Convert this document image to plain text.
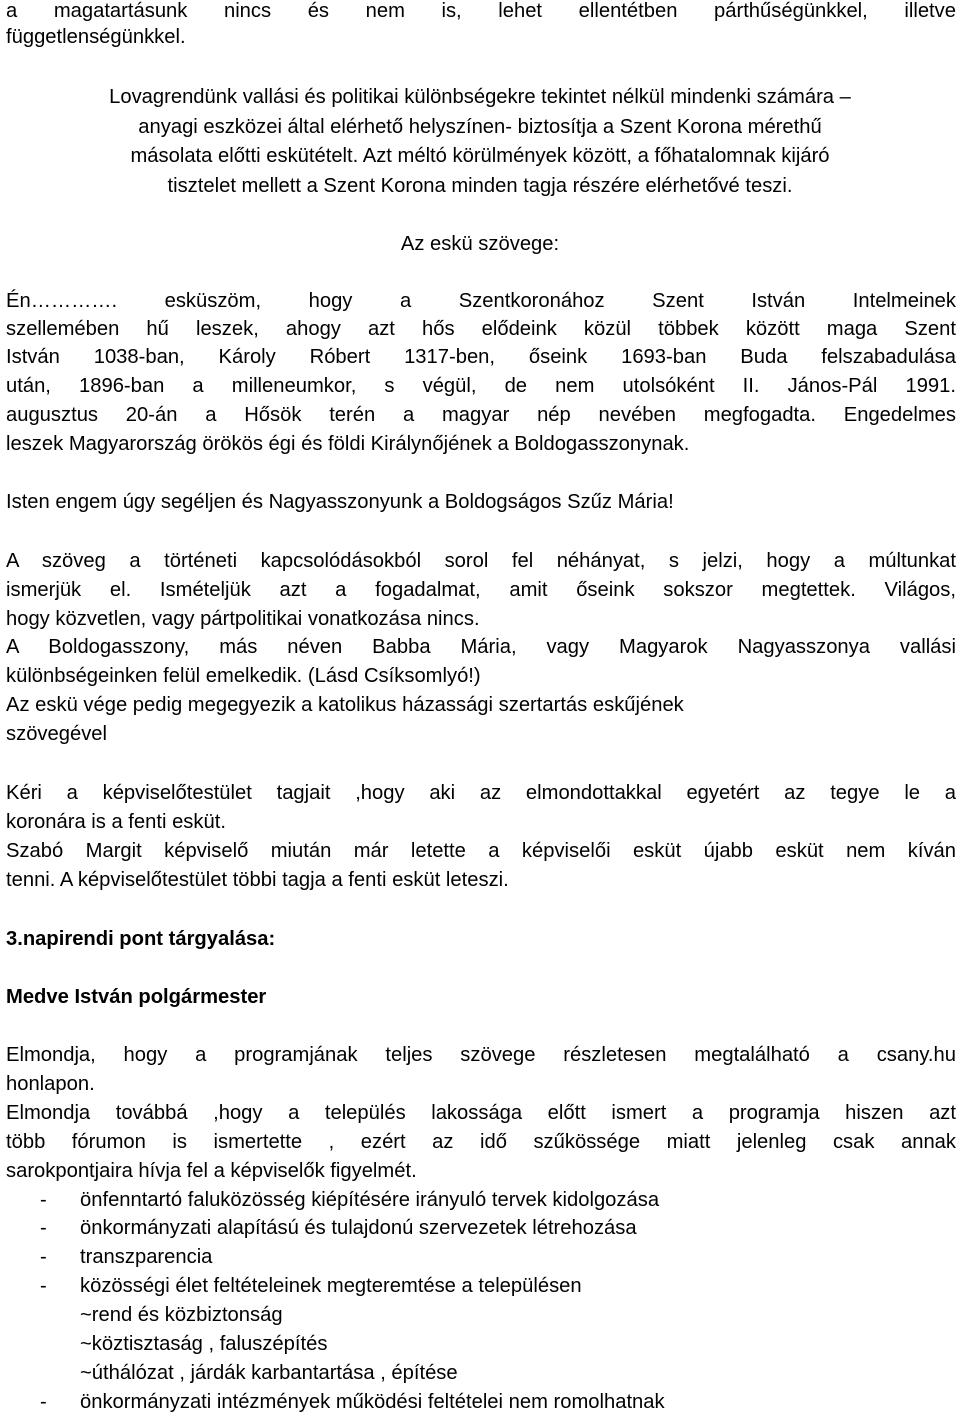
a magatartásunk nincs és nem is, lehet ellentétben párthűségünkkel, illetve
függetlenségünkkel.
Lovagrendünk vallási és politikai különbségekre tekintet nélkül mindenki számára –
anyagi eszközei által elérhető helyszínen- biztosítja a Szent Korona mérethű
másolata előtti eskütételt. Azt méltó körülmények között, a főhatalomnak kijáró
tisztelet mellett a Szent Korona minden tagja részére elérhetővé teszi.
Az eskü szövege:
Én…………. esküszöm, hogy a Szentkoronához Szent István Intelmeinek
szellemében hű leszek, ahogy azt hős elődeink közül többek között maga Szent
István 1038-ban, Károly Róbert 1317-ben, őseink 1693-ban Buda felszabadulása
után, 1896-ban a milleneumkor, s végül, de nem utolsóként II. János-Pál 1991.
augusztus 20-án a Hősök terén a magyar nép nevében megfogadta. Engedelmes
leszek Magyarország örökös égi és földi Királynőjének a Boldogasszonynak.
Isten engem úgy segéljen és Nagyasszonyunk a Boldogságos Szűz Mária!
A szöveg a történeti kapcsolódásokból sorol fel néhányat, s jelzi, hogy a múltunkat
ismerjük el. Ismételjük azt a fogadalmat, amit őseink sokszor megtettek. Világos,
hogy közvetlen, vagy pártpolitikai vonatkozása nincs.
A Boldogasszony, más néven Babba Mária, vagy Magyarok Nagyasszonya vallási
különbségeinken felül emelkedik. (Lásd Csíksomlyó!)
Az eskü vége pedig megegyezik a katolikus házassági szertartás eskűjének
szövegével
Kéri a képviselőtestület tagjait ,hogy aki az elmondottakkal egyetért az tegye le a
koronára is a fenti esküt.
Szabó Margit képviselő miután már letette a képviselői esküt újabb esküt nem kíván
tenni. A képviselőtestület többi tagja a fenti esküt leteszi.
3.napirendi pont tárgyalása:
Medve István polgármester
Elmondja, hogy a programjának teljes szövege részletesen megtalálható a csany.hu
honlapon.
Elmondja továbbá ,hogy a település lakossága előtt ismert a programja hiszen azt
több fórumon is ismertette , ezért az idő szűkössége miatt jelenleg csak annak
sarokpontjaira hívja fel a képviselők figyelmét.
- önfenntartó faluközösség kiépítésére irányuló tervek kidolgozása
- önkormányzati alapítású és tulajdonú szervezetek létrehozása
- transzparencia
- közösségi élet feltételeinek megteremtése a településen
~rend és közbiztonság
~köztisztaság , faluszépítés
~úthálózat , járdák karbantartása , építése
- önkormányzati intézmények működési feltételei nem romolhatnak
